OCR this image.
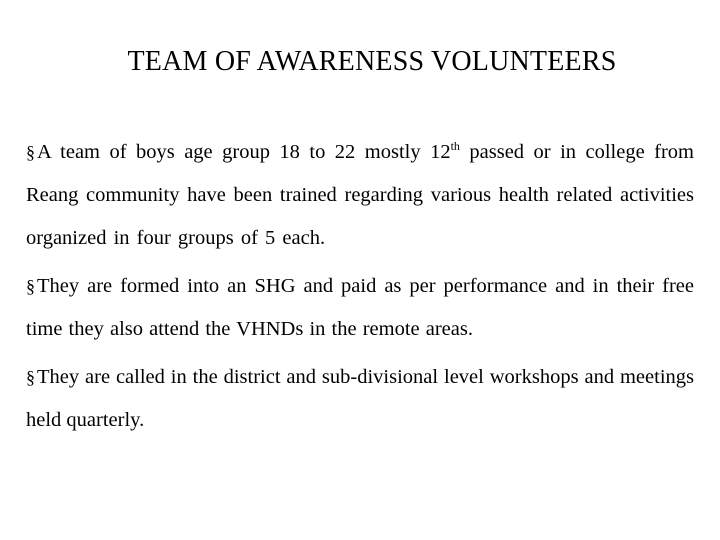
TEAM OF AWARENESS VOLUNTEERS
§A team of boys age group 18 to 22 mostly 12th passed or in college from Reang community have been trained regarding various health related activities organized in four groups of 5 each.
§They are formed into an SHG and paid as per performance and in their free time they also attend the VHNDs in the remote areas.
§They are called in the district and sub-divisional level workshops and meetings held quarterly.
